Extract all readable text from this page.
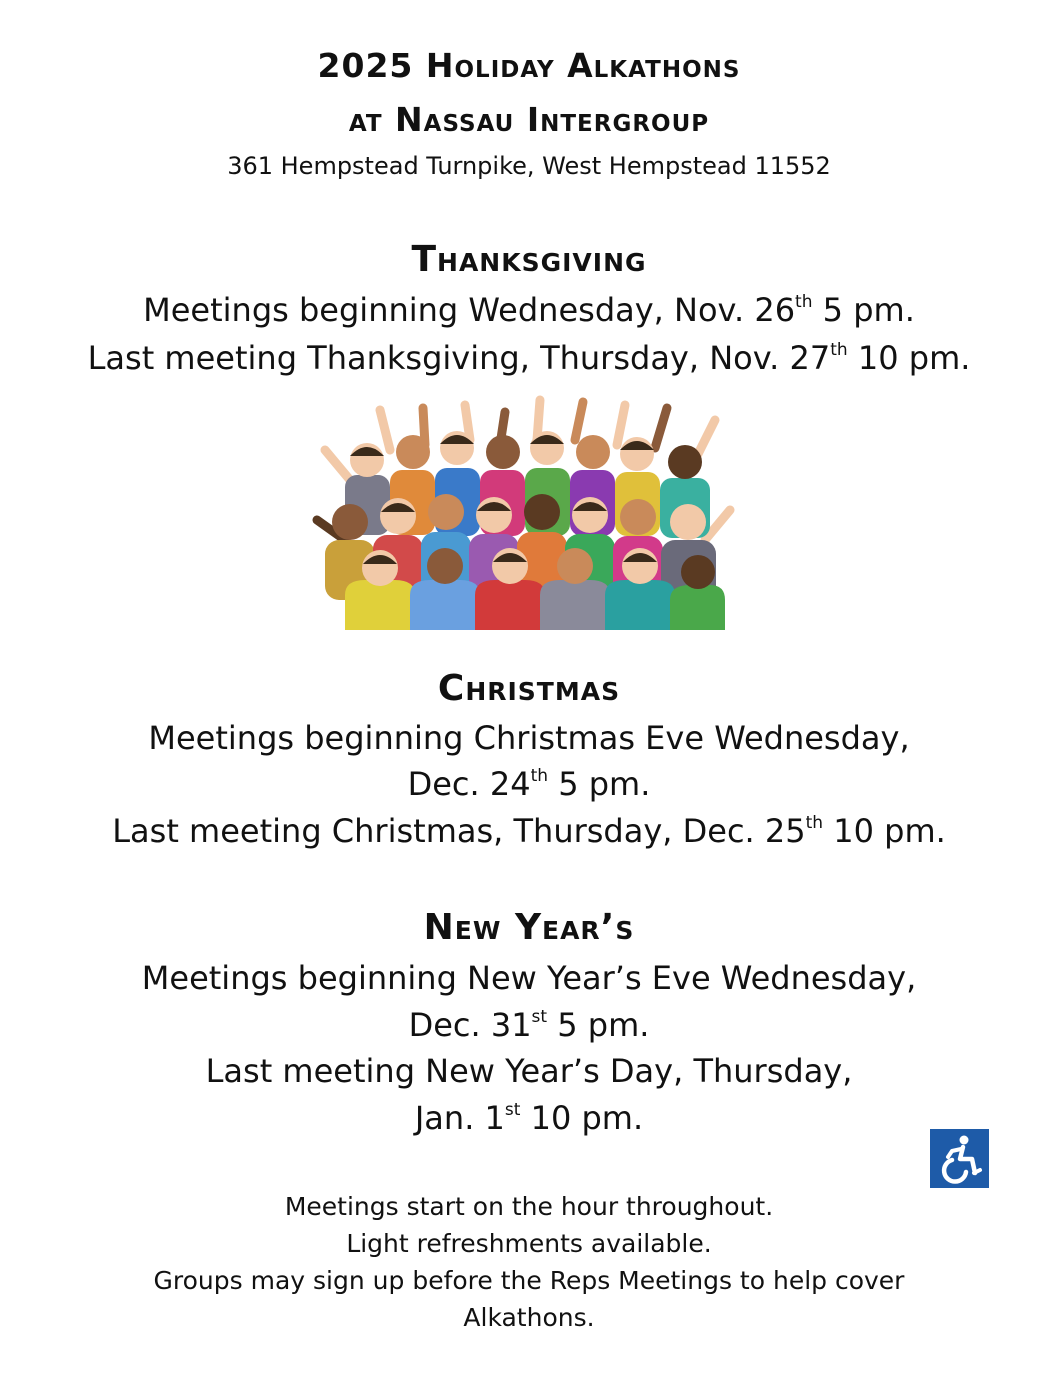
2025 Holiday Alkathons
at Nassau Intergroup
361 Hempstead Turnpike, West Hempstead 11552
Thanksgiving
Meetings beginning Wednesday, Nov. 26th 5 pm.
Last meeting Thanksgiving, Thursday, Nov. 27th 10 pm.
Christmas
Meetings beginning Christmas Eve Wednesday,
Dec. 24th 5 pm.
Last meeting Christmas, Thursday, Dec. 25th 10 pm.
New Year’s
Meetings beginning New Year’s Eve Wednesday,
Dec. 31st 5 pm.
Last meeting New Year’s Day, Thursday,
Jan. 1st 10 pm.
Meetings start on the hour throughout.
Light refreshments available.
Groups may sign up before the Reps Meetings to help cover
Alkathons.
